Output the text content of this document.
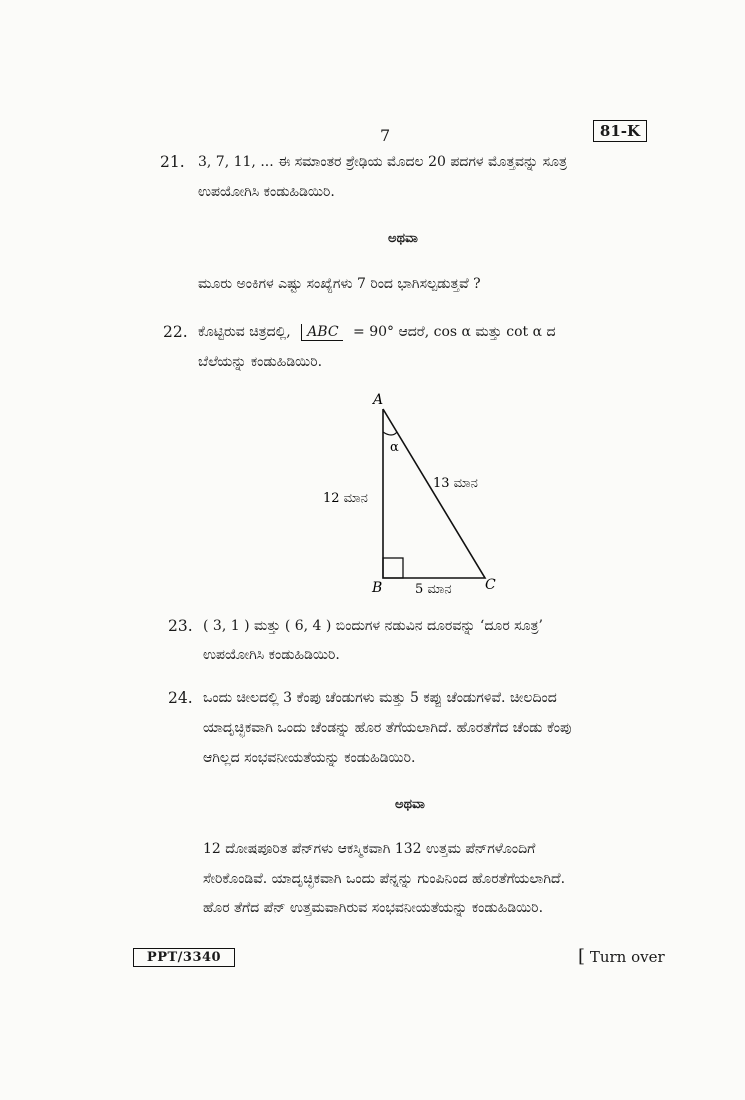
7	81-K
21. 3, 7, 11, ... ಈ ಸಮಾಂತರ ಶ್ರೇಢಿಯ ಮೊದಲ 20 ಪದಗಳ ಮೊತ್ತವನ್ನು ಸೂತ್ರ
ಉಪಯೋಗಿಸಿ ಕಂಡುಹಿಡಿಯಿರಿ.
ಅಥವಾ
ಮೂರು ಅಂಕಿಗಳ ಎಷ್ಟು ಸಂಖ್ಯೆಗಳು 7 ರಿಂದ ಭಾಗಿಸಲ್ಪಡುತ್ತವೆ ?
22. ಕೊಟ್ಟಿರುವ ಚಿತ್ರದಲ್ಲಿ, ABC = 90° ಆದರೆ, cos α ಮತ್ತು cot α ದ
ಬೆಲೆಯನ್ನು ಕಂಡುಹಿಡಿಯಿರಿ.
A
B	C
α
12 ಮಾನ
13 ಮಾನ
5 ಮಾನ
23. ( 3, 1 ) ಮತ್ತು ( 6, 4 ) ಬಿಂದುಗಳ ನಡುವಿನ ದೂರವನ್ನು ‘ದೂರ ಸೂತ್ರ’
ಉಪಯೋಗಿಸಿ ಕಂಡುಹಿಡಿಯಿರಿ.
24. ಒಂದು ಚೀಲದಲ್ಲಿ 3 ಕೆಂಪು ಚೆಂಡುಗಳು ಮತ್ತು 5 ಕಪ್ಪು ಚೆಂಡುಗಳಿವೆ. ಚೀಲದಿಂದ
ಯಾದೃಚ್ಛಿಕವಾಗಿ ಒಂದು ಚೆಂಡನ್ನು ಹೊರ ತೆಗೆಯಲಾಗಿದೆ. ಹೊರತೆಗೆದ ಚೆಂಡು ಕೆಂಪು
ಆಗಿಲ್ಲದ ಸಂಭವನೀಯತೆಯನ್ನು ಕಂಡುಹಿಡಿಯಿರಿ.
ಅಥವಾ
12 ದೋಷಪೂರಿತ ಪೆನ್‌ಗಳು ಆಕಸ್ಮಿಕವಾಗಿ 132 ಉತ್ತಮ ಪೆನ್‌ಗಳೊಂದಿಗೆ
ಸೇರಿಕೊಂಡಿವೆ. ಯಾದೃಚ್ಛಿಕವಾಗಿ ಒಂದು ಪೆನ್ನನ್ನು ಗುಂಪಿನಿಂದ ಹೊರತೆಗೆಯಲಾಗಿದೆ.
ಹೊರ ತೆಗೆದ ಪೆನ್ ಉತ್ತಮವಾಗಿರುವ ಸಂಭವನೀಯತೆಯನ್ನು ಕಂಡುಹಿಡಿಯಿರಿ.
PPT/3340	[ Turn over
